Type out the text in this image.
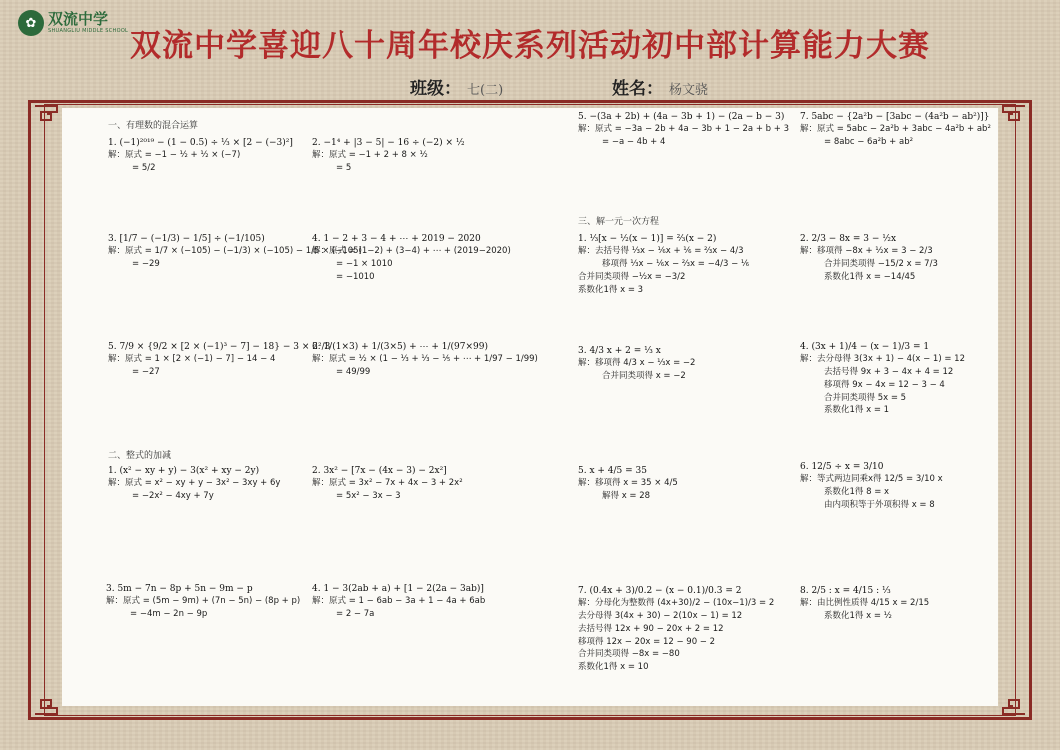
✿ 双流中学
SHUANGLIU MIDDLE SCHOOL 双流中学喜迎八十周年校庆系列活动初中部计算能力大赛
班级： 七(二)	姓名： 杨文骁
一、有理数的混合运算
二、整式的加减
三、解一元一次方程
1. (−1)²⁰¹⁹ − (1 − 0.5) ÷ ⅓ × [2 − (−3)²]
解：原式 = −1 − ½ + ½ × (−7)
= 5/2
2. −1⁴ + |3 − 5| − 16 ÷ (−2) × ½
解：原式 = −1 + 2 + 8 × ½
= 5
3. [1/7 − (−1/3) − 1/5] ÷ (−1/105)
解：原式 = 1/7 × (−105) − (−1/3) × (−105) − 1/5 × (−105)
= −29
4. 1 − 2 + 3 − 4 + ⋯ + 2019 − 2020
解：原式 = (1−2) + (3−4) + ⋯ + (2019−2020)
= −1 × 1010
= −1010
5. 7/9 × {9/2 × [2 × (−1)³ − 7] − 18} − 3 × 2²/3
解：原式 = 1 × [2 × (−1) − 7] − 14 − 4
= −27
6. 1/(1×3) + 1/(3×5) + ⋯ + 1/(97×99)
解：原式 = ½ × (1 − ⅓ + ⅓ − ⅕ + ⋯ + 1/97 − 1/99)
= 49/99
1. (x² − xy + y) − 3(x² + xy − 2y)
解：原式 = x² − xy + y − 3x² − 3xy + 6y
= −2x² − 4xy + 7y
2. 3x² − [7x − (4x − 3) − 2x²]
解：原式 = 3x² − 7x + 4x − 3 + 2x²
= 5x² − 3x − 3
3. 5m − 7n − 8p + 5n − 9m − p
解：原式 = (5m − 9m) + (7n − 5n) − (8p + p)
= −4m − 2n − 9p
4. 1 − 3(2ab + a) + [1 − 2(2a − 3ab)]
解：原式 = 1 − 6ab − 3a + 1 − 4a + 6ab
= 2 − 7a
5. −(3a + 2b) + (4a − 3b + 1) − (2a − b − 3)
解：原式 = −3a − 2b + 4a − 3b + 1 − 2a + b + 3
= −a − 4b + 4
7. 5abc − {2a²b − [3abc − (4a²b − ab²)]}
解：原式 = 5abc − 2a²b + 3abc − 4a²b + ab²
= 8abc − 6a²b + ab²
1. ⅓[x − ½(x − 1)] = ⅔(x − 2)
解：去括号得 ⅓x − ⅙x + ⅙ = ⅔x − 4/3
移项得 ⅓x − ⅙x − ⅔x = −4/3 − ⅙
合并同类项得 −½x = −3/2
系数化1得 x = 3
2. 2/3 − 8x = 3 − ½x
解：移项得 −8x + ½x = 3 − 2/3
合并同类项得 −15/2 x = 7/3
系数化1得 x = −14/45
3. 4/3 x + 2 = ⅓ x
解：移项得 4/3 x − ⅓x = −2
合并同类项得 x = −2
4. (3x + 1)/4 − (x − 1)/3 = 1
解：去分母得 3(3x + 1) − 4(x − 1) = 12
去括号得 9x + 3 − 4x + 4 = 12
移项得 9x − 4x = 12 − 3 − 4
合并同类项得 5x = 5
系数化1得 x = 1
5. x + 4/5 = 35
解：移项得 x = 35 × 4/5
解得 x = 28
6. 12/5 ÷ x = 3/10
解：等式两边同乘x得 12/5 = 3/10 x
系数化1得 8 = x
由内项积等于外项积得 x = 8
7. (0.4x + 3)/0.2 − (x − 0.1)/0.3 = 2
解：分母化为整数得 (4x+30)/2 − (10x−1)/3 = 2
去分母得 3(4x + 30) − 2(10x − 1) = 12
去括号得 12x + 90 − 20x + 2 = 12
移项得 12x − 20x = 12 − 90 − 2
合并同类项得 −8x = −80
系数化1得 x = 10
8. 2/5 : x = 4/15 : ⅓
解：由比例性质得 4/15 x = 2/15
系数化1得 x = ½
